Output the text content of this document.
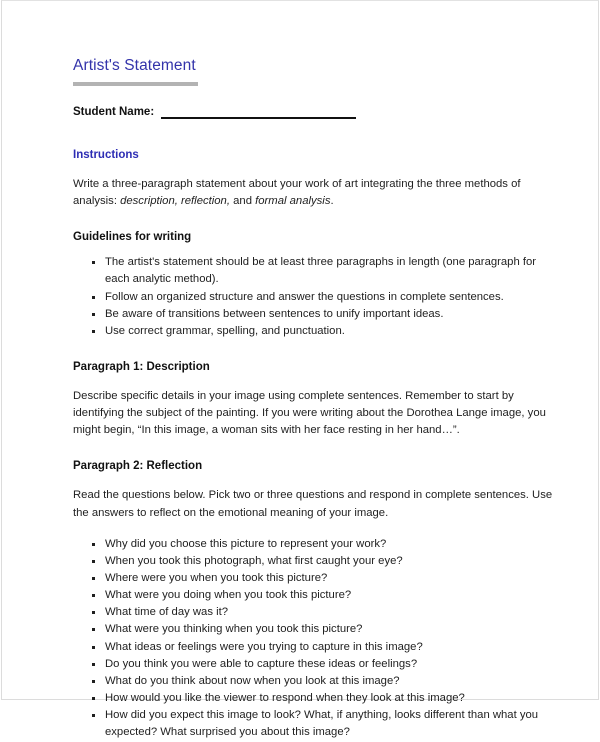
Artist's Statement
Student Name:
Instructions

Write a three-paragraph statement about your work of art integrating the three methods of analysis: description, reflection, and formal analysis.

Guidelines for writing
The artist's statement should be at least three paragraphs in length (one paragraph for each analytic method).
Follow an organized structure and answer the questions in complete sentences.
Be aware of transitions between sentences to unify important ideas.
Use correct grammar, spelling, and punctuation.
Paragraph 1: Description

Describe specific details in your image using complete sentences. Remember to start by identifying the subject of the painting. If you were writing about the Dorothea Lange image, you might begin, “In this image, a woman sits with her face resting in her hand…”.

Paragraph 2: Reflection

Read the questions below. Pick two or three questions and respond in complete sentences. Use the answers to reflect on the emotional meaning of your image.

Why did you choose this picture to represent your work?
When you took this photograph, what first caught your eye?
Where were you when you took this picture?
What were you doing when you took this picture?
What time of day was it?
What were you thinking when you took this picture?
What ideas or feelings were you trying to capture in this image?
Do you think you were able to capture these ideas or feelings?
What do you think about now when you look at this image?
How would you like the viewer to respond when they look at this image?
How did you expect this image to look? What, if anything, looks different than what you expected? What surprised you about this image?
